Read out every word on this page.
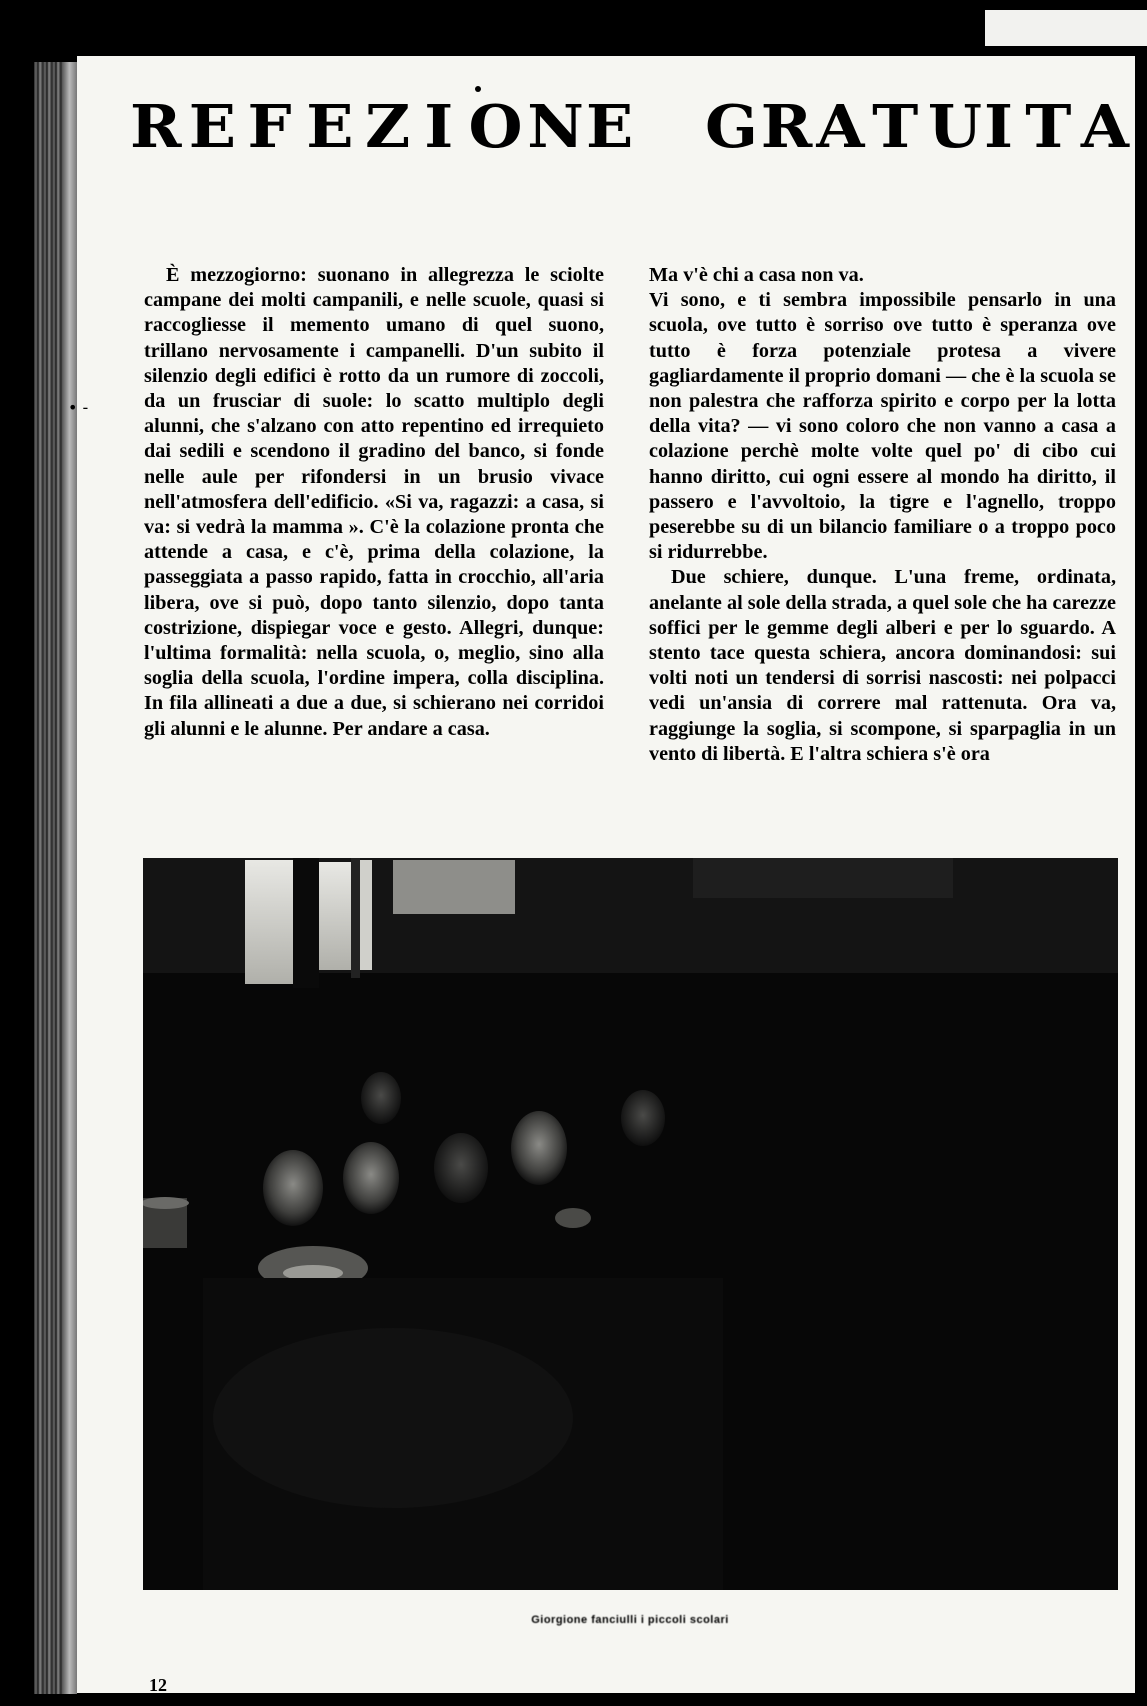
R E F E Z I O N E G R A T U I T A
• -

È mezzogiorno: suonano in allegrezza le sciolte campane dei molti campanili, e nelle scuole, quasi si raccogliesse il memento umano di quel suono, trillano nervosamente i campanelli. D'un subito il silenzio degli edifici è rotto da un rumore di zoccoli, da un frusciar di suole: lo scatto multiplo degli alunni, che s'alzano con atto repentino ed irrequieto dai sedili e scendono il gradino del banco, si fonde nelle aule per rifondersi in un brusio vivace nell'atmosfera dell'edificio. «Si va, ragazzi: a casa, si va: si vedrà la mamma ». C'è la colazione pronta che attende a casa, e c'è, prima della colazione, la passeggiata a passo rapido, fatta in crocchio, all'aria libera, ove si può, dopo tanto silenzio, dopo tanta costrizione, dispiegar voce e gesto. Allegri, dunque: l'ultima formalità: nella scuola, o, meglio, sino alla soglia della scuola, l'ordine impera, colla disciplina. In fila allineati a due a due, si schierano nei corridoi gli alunni e le alunne. Per andare a casa.

Ma v'è chi a casa non va.

Vi sono, e ti sembra impossibile pensarlo in una scuola, ove tutto è sorriso ove tutto è speranza ove tutto è forza potenziale protesa a vivere gagliardamente il proprio domani — che è la scuola se non palestra che rafforza spirito e corpo per la lotta della vita? — vi sono coloro che non vanno a casa a colazione perchè molte volte quel po' di cibo cui hanno diritto, cui ogni essere al mondo ha diritto, il passero e l'avvoltoio, la tigre e l'agnello, troppo peserebbe su di un bilancio familiare o a troppo poco si ridurrebbe.

Due schiere, dunque. L'una freme, ordinata, anelante al sole della strada, a quel sole che ha carezze soffici per le gemme degli alberi e per lo sguardo. A stento tace questa schiera, ancora dominandosi: sui volti noti un tendersi di sorrisi nascosti: nei polpacci vedi un'ansia di correre mal rattenuta. Ora va, raggiunge la soglia, si scompone, si sparpaglia in un vento di libertà. E l'altra schiera s'è ora

Giorgione fanciulli i piccoli scolari
12
